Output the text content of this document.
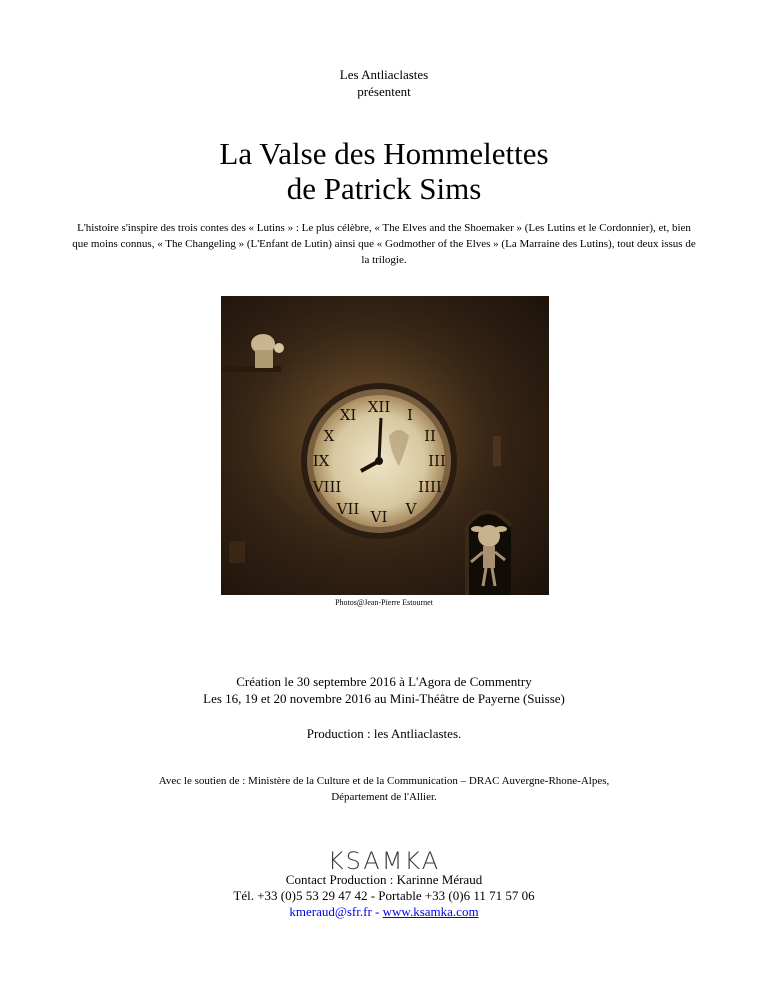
Les Antliaclastes
présentent
La Valse des Hommelettes
de Patrick Sims
L'histoire s'inspire des trois contes des « Lutins » : Le plus célèbre, « The Elves and the Shoemaker » (Les Lutins et le Cordonnier), et, bien que moins connus, « The Changeling » (L'Enfant de Lutin) ainsi que « Godmother of the Elves » (La Marraine des Lutins), tout deux issus de la trilogie.
XII I
II
III
IIII
V
VI
VII
VIII
IX
X
XI
Photos@Jean-Pierre Estournet
Création le 30 septembre 2016 à L'Agora de Commentry
Les 16, 19 et 20 novembre 2016 au Mini-Théâtre de Payerne (Suisse)
Production : les Antliaclastes.
Avec le soutien de : Ministère de la Culture et de la Communication – DRAC Auvergne-Rhone-Alpes,
Département de l'Allier.
KSAMKA
Contact Production : Karinne Méraud
Tél. +33 (0)5 53 29 47 42 - Portable +33 (0)6 11 71 57 06
kmeraud@sfr.fr - www.ksamka.com
